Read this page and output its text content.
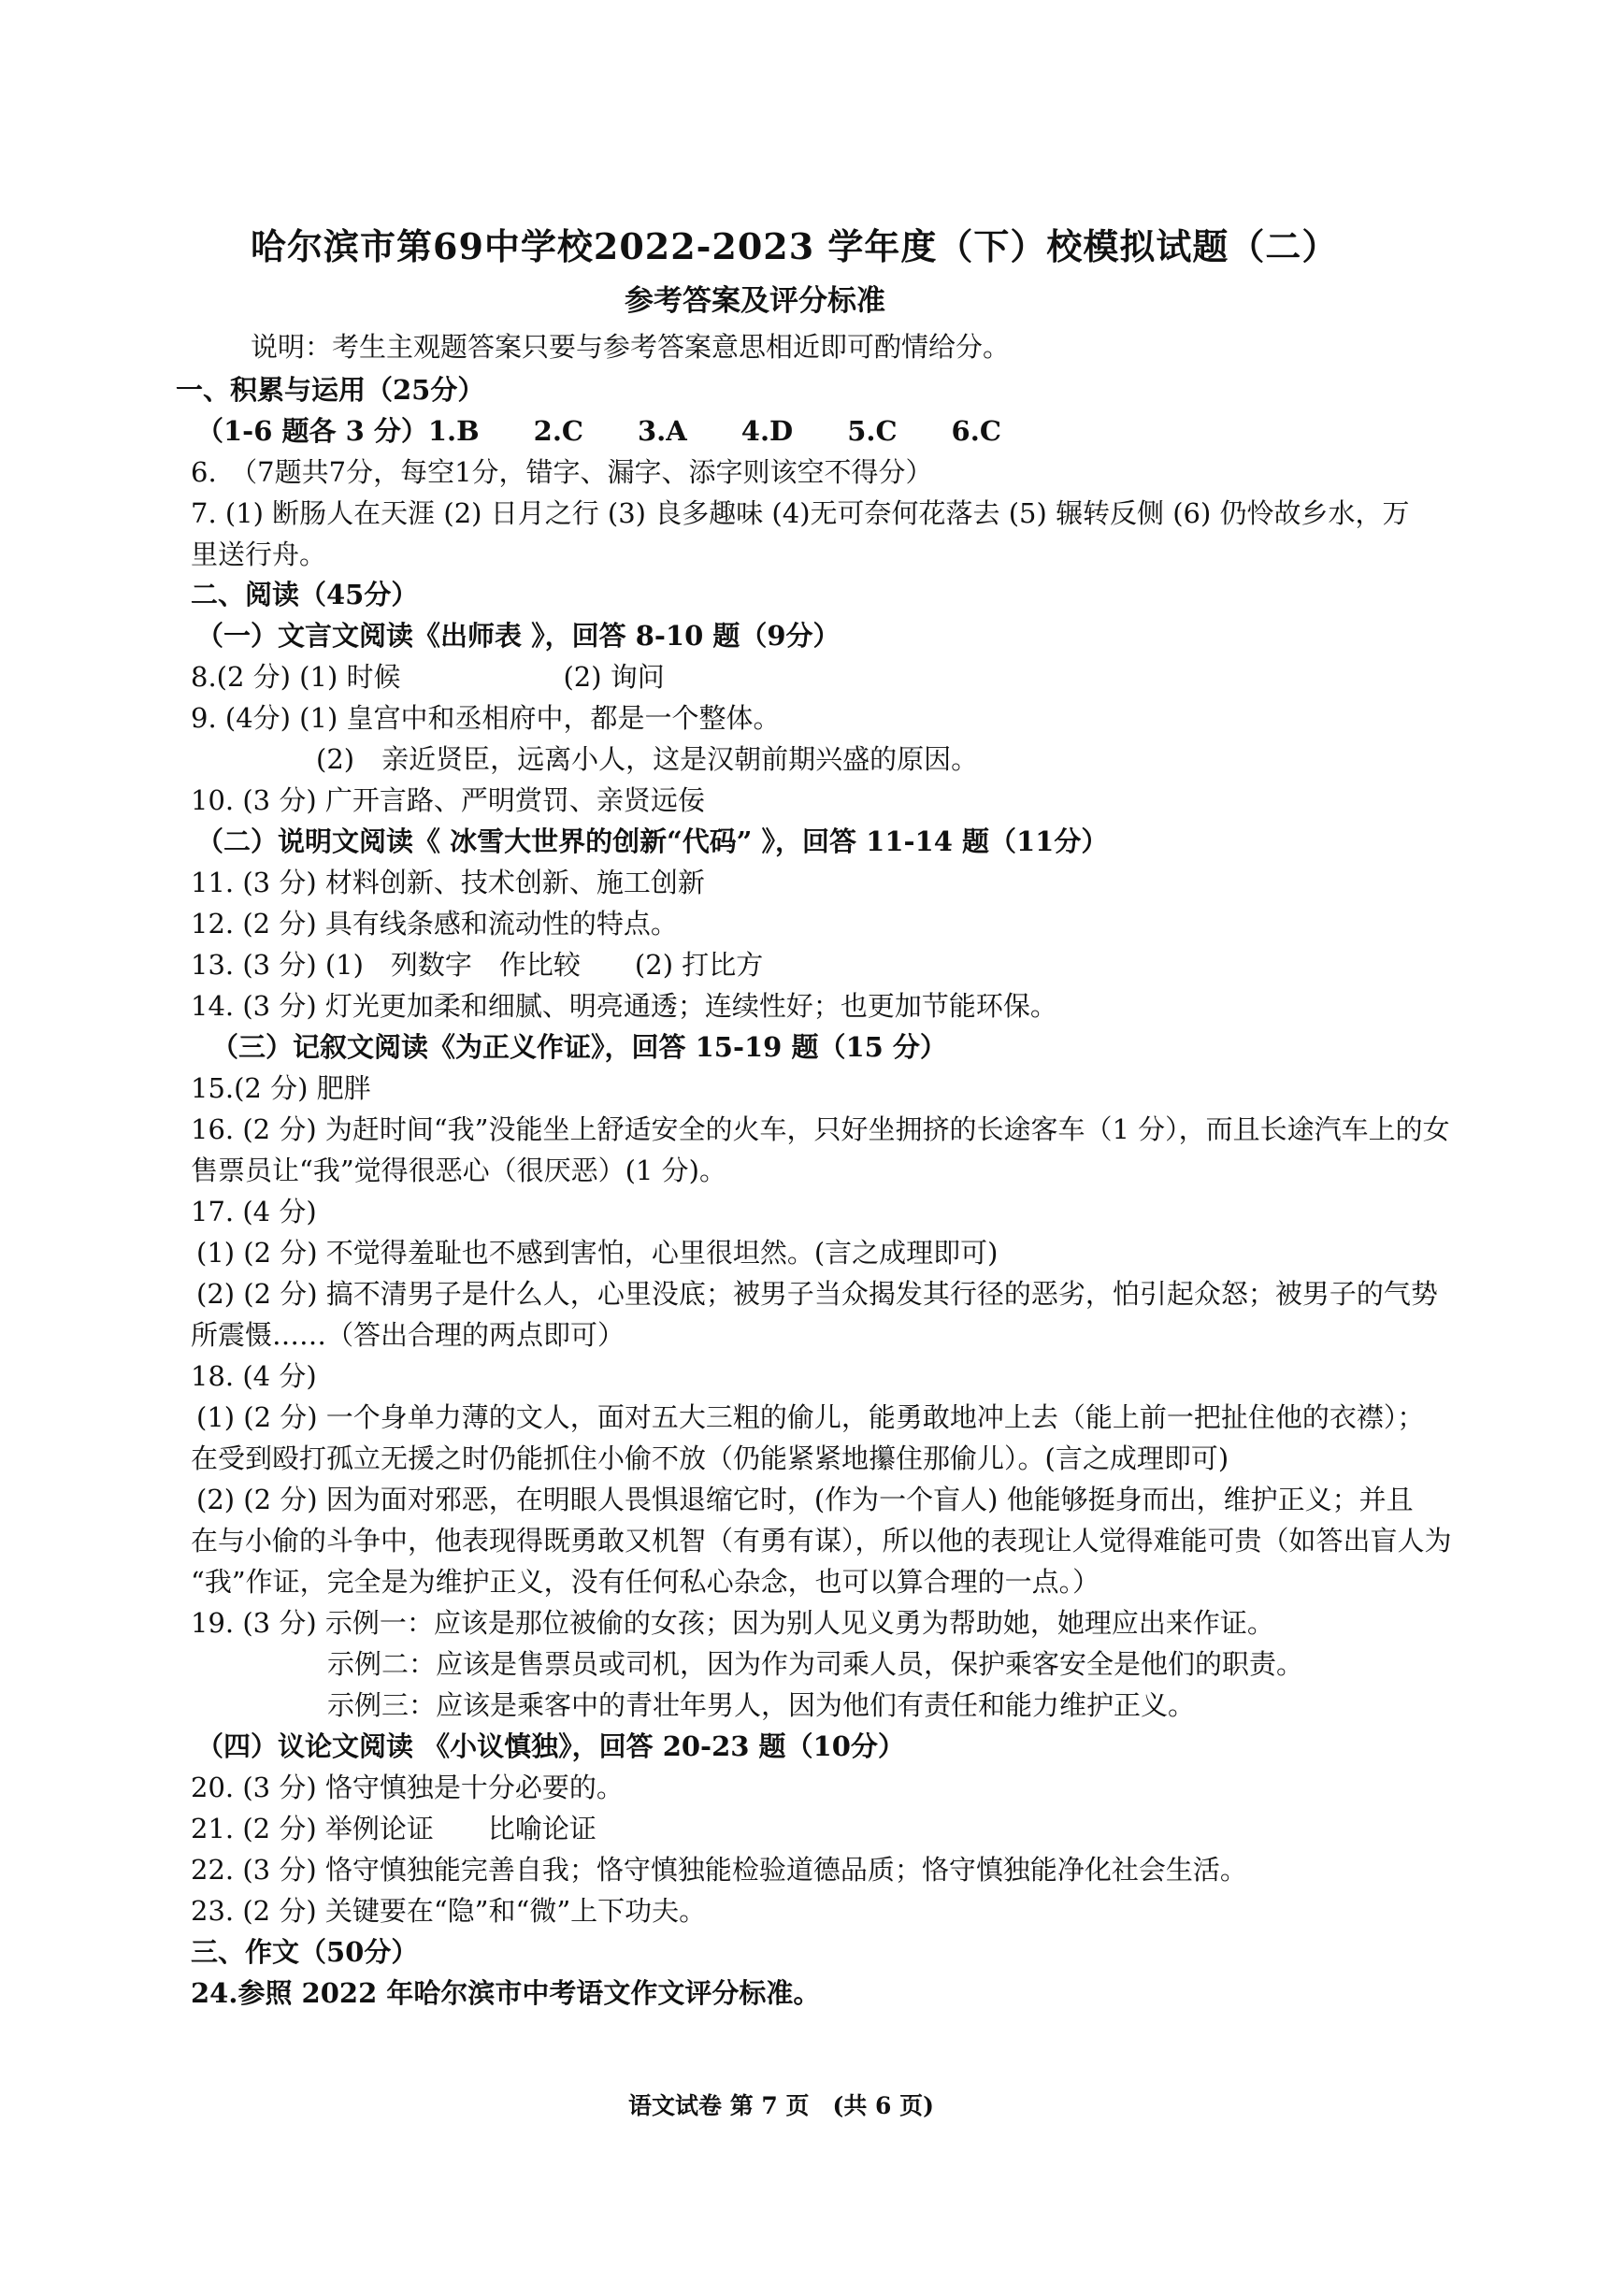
哈尔滨市第69中学校2022-2023 学年度（下）校模拟试题（二）
参考答案及评分标准
说明：考生主观题答案只要与参考答案意思相近即可酌情给分。
一、积累与运用（25分）
（1-6 题各 3 分）1.B　　2.C　　3.A　　4.D　　5.C　　6.C
6.　（7题共7分，每空1分，错字、漏字、添字则该空不得分）
7. (1) 断肠人在天涯 (2) 日月之行 (3) 良多趣味 (4)无可奈何花落去 (5) 辗转反侧 (6) 仍怜故乡水，万
里送行舟。
二、阅读（45分）
（一）文言文阅读《出师表 》，回答 8-10 题（9分）
8.(2 分) (1) 时候　　　　　　(2) 询问
9. (4分) (1) 皇宫中和丞相府中，都是一个整体。
(2)　亲近贤臣，远离小人，这是汉朝前期兴盛的原因。
10. (3 分) 广开言路、严明赏罚、亲贤远佞
（二）说明文阅读《 冰雪大世界的创新“代码” 》，回答 11-14 题（11分）
11. (3 分) 材料创新、技术创新、施工创新
12. (2 分) 具有线条感和流动性的特点。
13. (3 分) (1)　列数字　作比较　　(2) 打比方
14. (3 分) 灯光更加柔和细腻、明亮通透；连续性好；也更加节能环保。
（三）记叙文阅读《为正义作证》，回答 15-19 题（15 分）
15.(2 分) 肥胖
16. (2 分) 为赶时间“我”没能坐上舒适安全的火车，只好坐拥挤的长途客车（1 分），而且长途汽车上的女
售票员让“我”觉得很恶心（很厌恶）(1 分)。
17. (4 分)
(1) (2 分) 不觉得羞耻也不感到害怕，心里很坦然。(言之成理即可)
(2) (2 分) 搞不清男子是什么人，心里没底；被男子当众揭发其行径的恶劣，怕引起众怒；被男子的气势
所震慑……（答出合理的两点即可）
18. (4 分)
(1) (2 分) 一个身单力薄的文人，面对五大三粗的偷儿，能勇敢地冲上去（能上前一把扯住他的衣襟）；
在受到殴打孤立无援之时仍能抓住小偷不放（仍能紧紧地攥住那偷儿）。(言之成理即可)
(2) (2 分) 因为面对邪恶，在明眼人畏惧退缩它时，(作为一个盲人) 他能够挺身而出，维护正义；并且
在与小偷的斗争中，他表现得既勇敢又机智（有勇有谋），所以他的表现让人觉得难能可贵（如答出盲人为
“我”作证，完全是为维护正义，没有任何私心杂念，也可以算合理的一点。）
19. (3 分) 示例一：应该是那位被偷的女孩；因为别人见义勇为帮助她，她理应出来作证。
示例二：应该是售票员或司机，因为作为司乘人员，保护乘客安全是他们的职责。
示例三：应该是乘客中的青壮年男人，因为他们有责任和能力维护正义。
（四）议论文阅读 《小议慎独》，回答 20-23 题（10分）
20. (3 分) 恪守慎独是十分必要的。
21. (2 分) 举例论证　　比喻论证
22. (3 分) 恪守慎独能完善自我；恪守慎独能检验道德品质；恪守慎独能净化社会生活。
23. (2 分) 关键要在“隐”和“微”上下功夫。
三、作文（50分）
24.参照 2022 年哈尔滨市中考语文作文评分标准。
语文试卷 第 7 页　(共 6 页)
